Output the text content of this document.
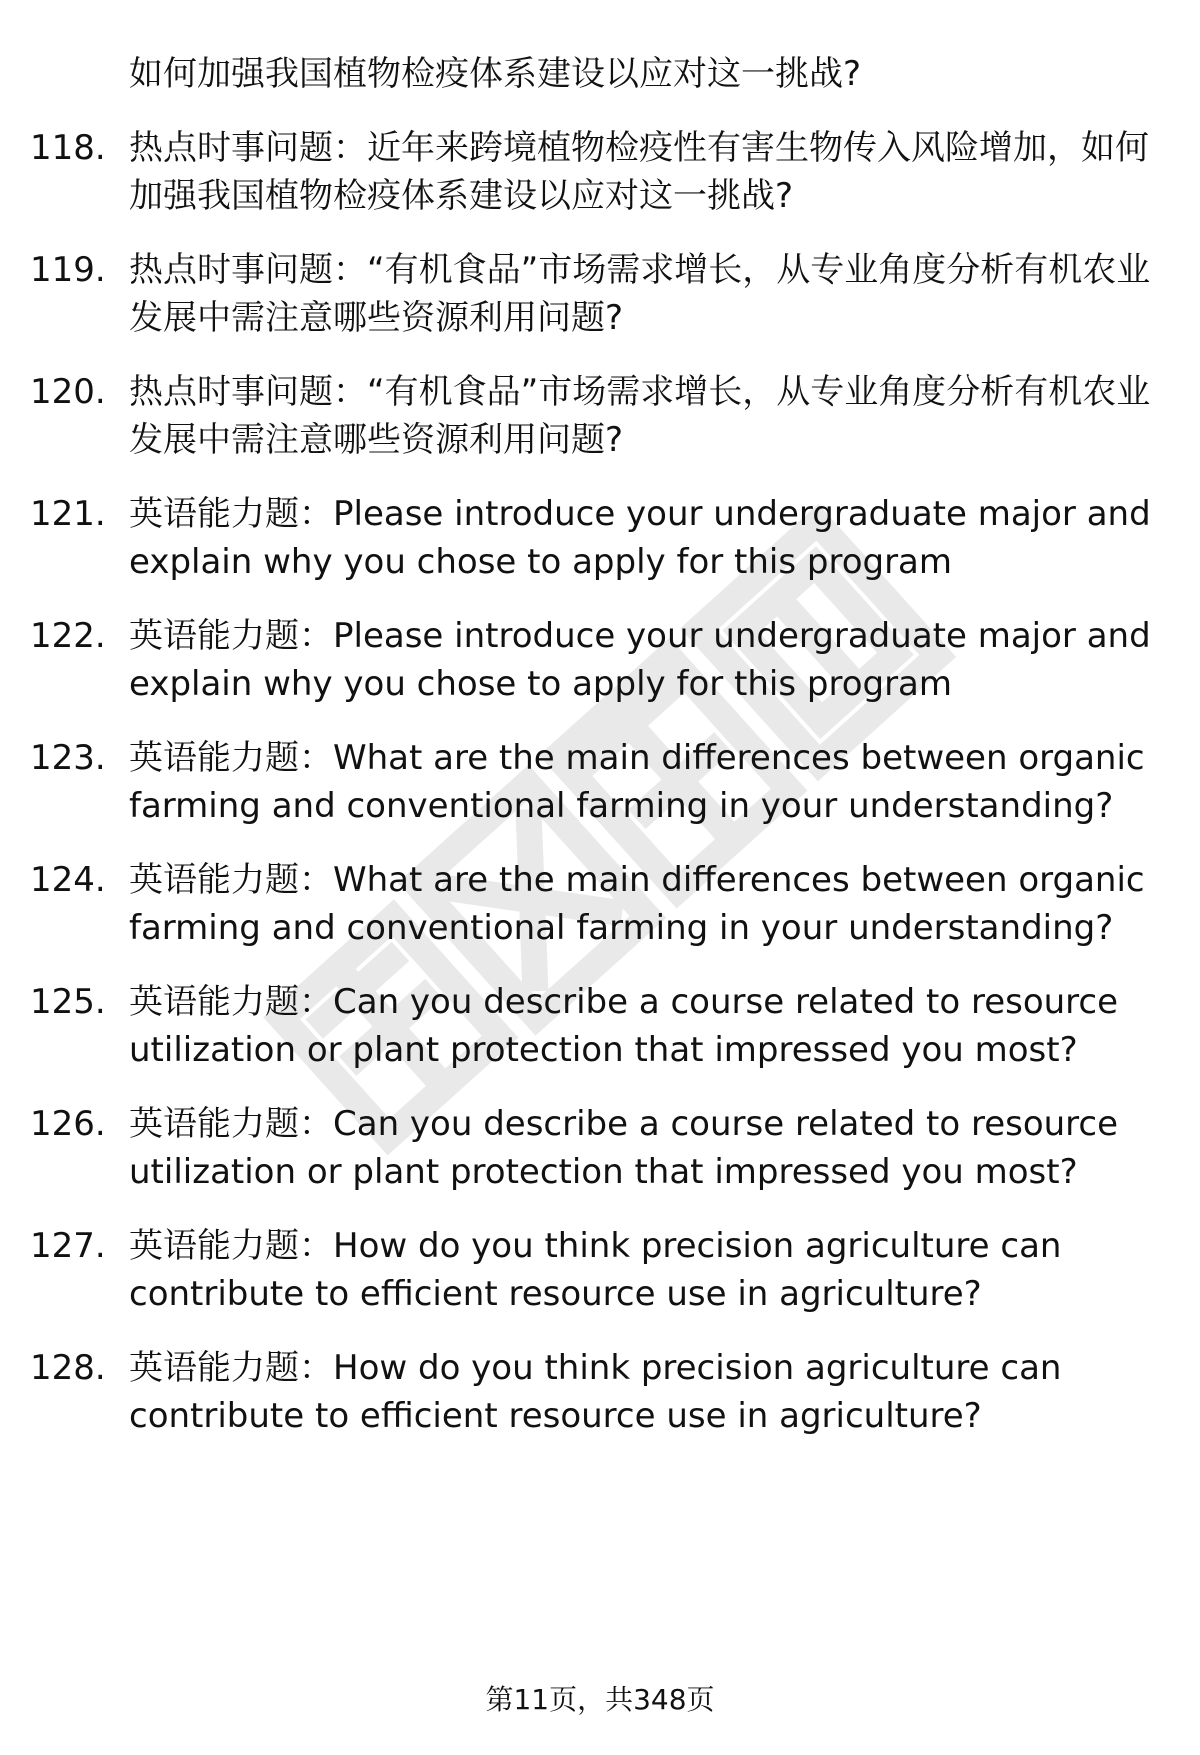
如何加强我国植物检疫体系建设以应对这一挑战?
118. 热点时事问题：近年来跨境植物检疫性有害生物传入风险增加，如何加强我国植物检疫体系建设以应对这一挑战?
119. 热点时事问题：“有机食品”市场需求增长，从专业角度分析有机农业发展中需注意哪些资源利用问题?
120. 热点时事问题：“有机食品”市场需求增长，从专业角度分析有机农业发展中需注意哪些资源利用问题?
121. 英语能力题：Please introduce your undergraduate major and explain why you chose to apply for this program
122. 英语能力题：Please introduce your undergraduate major and explain why you chose to apply for this program
123. 英语能力题：What are the main differences between organic farming and conventional farming in your understanding?
124. 英语能力题：What are the main differences between organic farming and conventional farming in your understanding?
125. 英语能力题：Can you describe a course related to resource utilization or plant protection that impressed you most?
126. 英语能力题：Can you describe a course related to resource utilization or plant protection that impressed you most?
127. 英语能力题：How do you think precision agriculture can contribute to efficient resource use in agriculture?
128. 英语能力题：How do you think precision agriculture can contribute to efficient resource use in agriculture?
第11页，共348页
